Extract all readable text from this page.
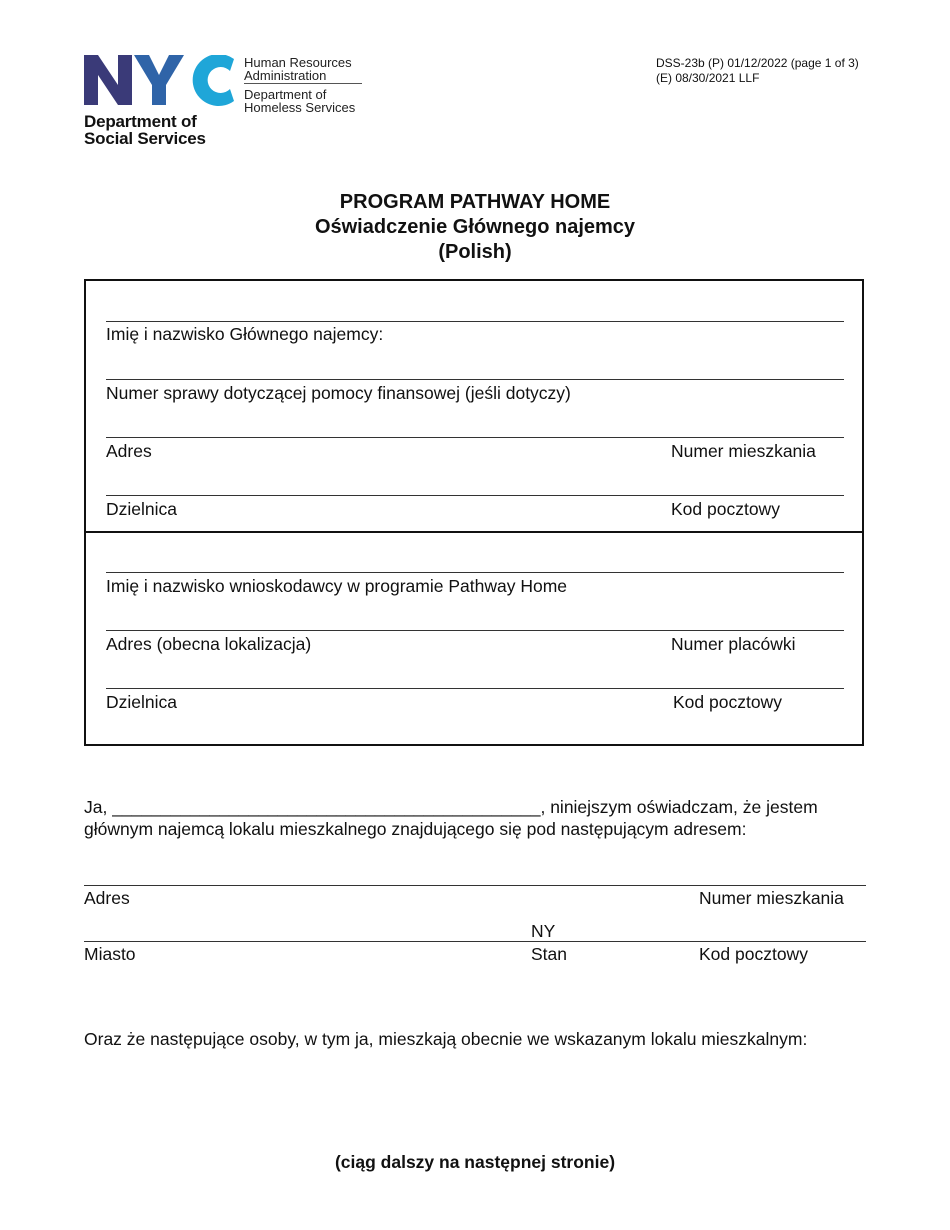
Department of
Social Services
Human Resources
Administration
Department of
Homeless Services
DSS-23b (P) 01/12/2022 (page 1 of 3)
(E) 08/30/2021 LLF
PROGRAM PATHWAY HOME
Oświadczenie Głównego najemcy
(Polish)
Imię i nazwisko Głównego najemcy:
Numer sprawy dotyczącej pomocy finansowej (jeśli dotyczy)
Adres	Numer mieszkania
Dzielnica	Kod pocztowy
Imię i nazwisko wnioskodawcy w programie Pathway Home
Adres (obecna lokalizacja)	Numer placówki
Dzielnica	Kod pocztowy
Ja, ____________________________________________, niniejszym oświadczam, że jestem
głównym najemcą lokalu mieszkalnego znajdującego się pod następującym adresem:
Adres	Numer mieszkania
NY
Miasto	Stan	Kod pocztowy
Oraz że następujące osoby, w tym ja, mieszkają obecnie we wskazanym lokalu mieszkalnym:
(ciąg dalszy na następnej stronie)
